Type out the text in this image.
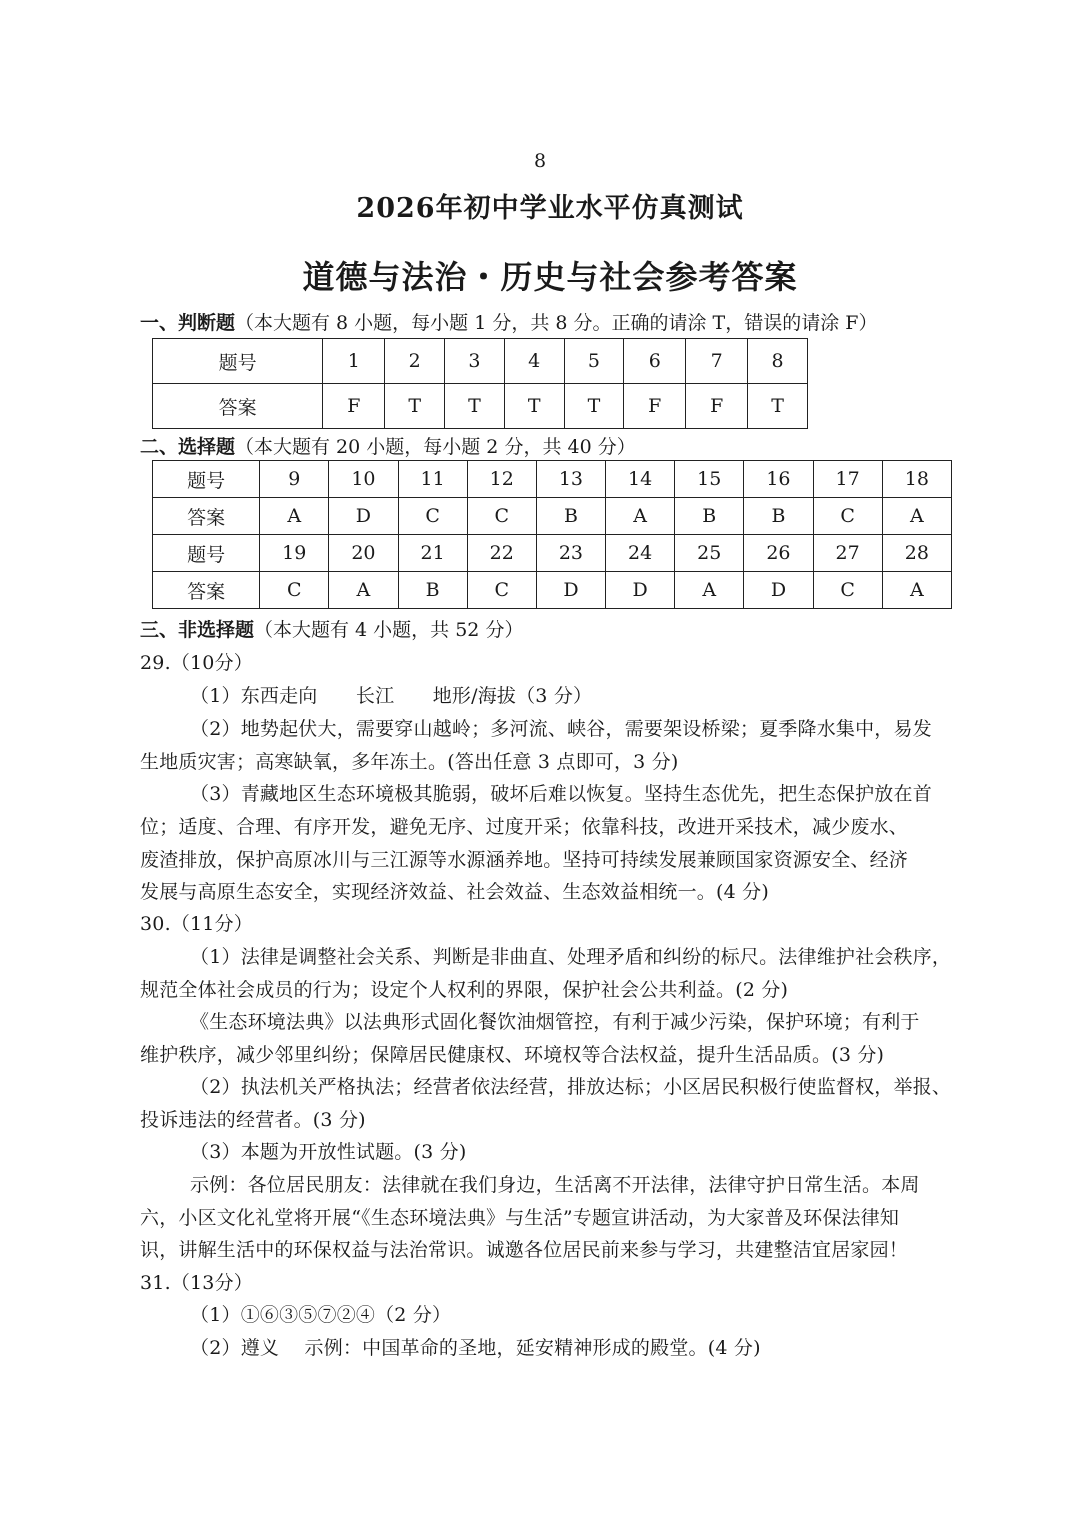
8
2026年初中学业水平仿真测试
道德与法治・历史与社会参考答案
一、判断题（本大题有 8 小题，每小题 1 分，共 8 分。正确的请涂 T，错误的请涂 F）
题号	1	2	3	4	5	6	7	8
答案	F	T	T	T	T	F	F	T
二、选择题（本大题有 20 小题，每小题 2 分，共 40 分）
题号	9	10	11	12	13	14	15	16	17	18
答案	A	D	C	C	B	A	B	B	C	A
题号	19	20	21	22	23	24	25	26	27	28
答案	C	A	B	C	D	D	A	D	C	A
三、非选择题（本大题有 4 小题，共 52 分）
29.（10分）
（1）东西走向　　长江　　地形/海拔（3 分）
（2）地势起伏大，需要穿山越岭；多河流、峡谷，需要架设桥梁；夏季降水集中，易发
生地质灾害；高寒缺氧，多年冻土。(答出任意 3 点即可，3 分)
（3）青藏地区生态环境极其脆弱，破坏后难以恢复。坚持生态优先，把生态保护放在首
位；适度、合理、有序开发，避免无序、过度开采；依靠科技，改进开采技术，减少废水、
废渣排放，保护高原冰川与三江源等水源涵养地。坚持可持续发展兼顾国家资源安全、经济
发展与高原生态安全，实现经济效益、社会效益、生态效益相统一。(4 分)
30.（11分）
（1）法律是调整社会关系、判断是非曲直、处理矛盾和纠纷的标尺。法律维护社会秩序，
规范全体社会成员的行为；设定个人权利的界限，保护社会公共利益。(2 分)
《生态环境法典》以法典形式固化餐饮油烟管控，有利于减少污染，保护环境；有利于
维护秩序，减少邻里纠纷；保障居民健康权、环境权等合法权益，提升生活品质。(3 分)
（2）执法机关严格执法；经营者依法经营，排放达标；小区居民积极行使监督权，举报、
投诉违法的经营者。(3 分)
（3）本题为开放性试题。(3 分)
示例：各位居民朋友：法律就在我们身边，生活离不开法律，法律守护日常生活。本周
六，小区文化礼堂将开展“《生态环境法典》与生活”专题宣讲活动，为大家普及环保法律知
识，讲解生活中的环保权益与法治常识。诚邀各位居民前来参与学习，共建整洁宜居家园！
31.（13分）
（1）①⑥③⑤⑦②④（2 分）
（2）遵义　 示例：中国革命的圣地，延安精神形成的殿堂。(4 分)
